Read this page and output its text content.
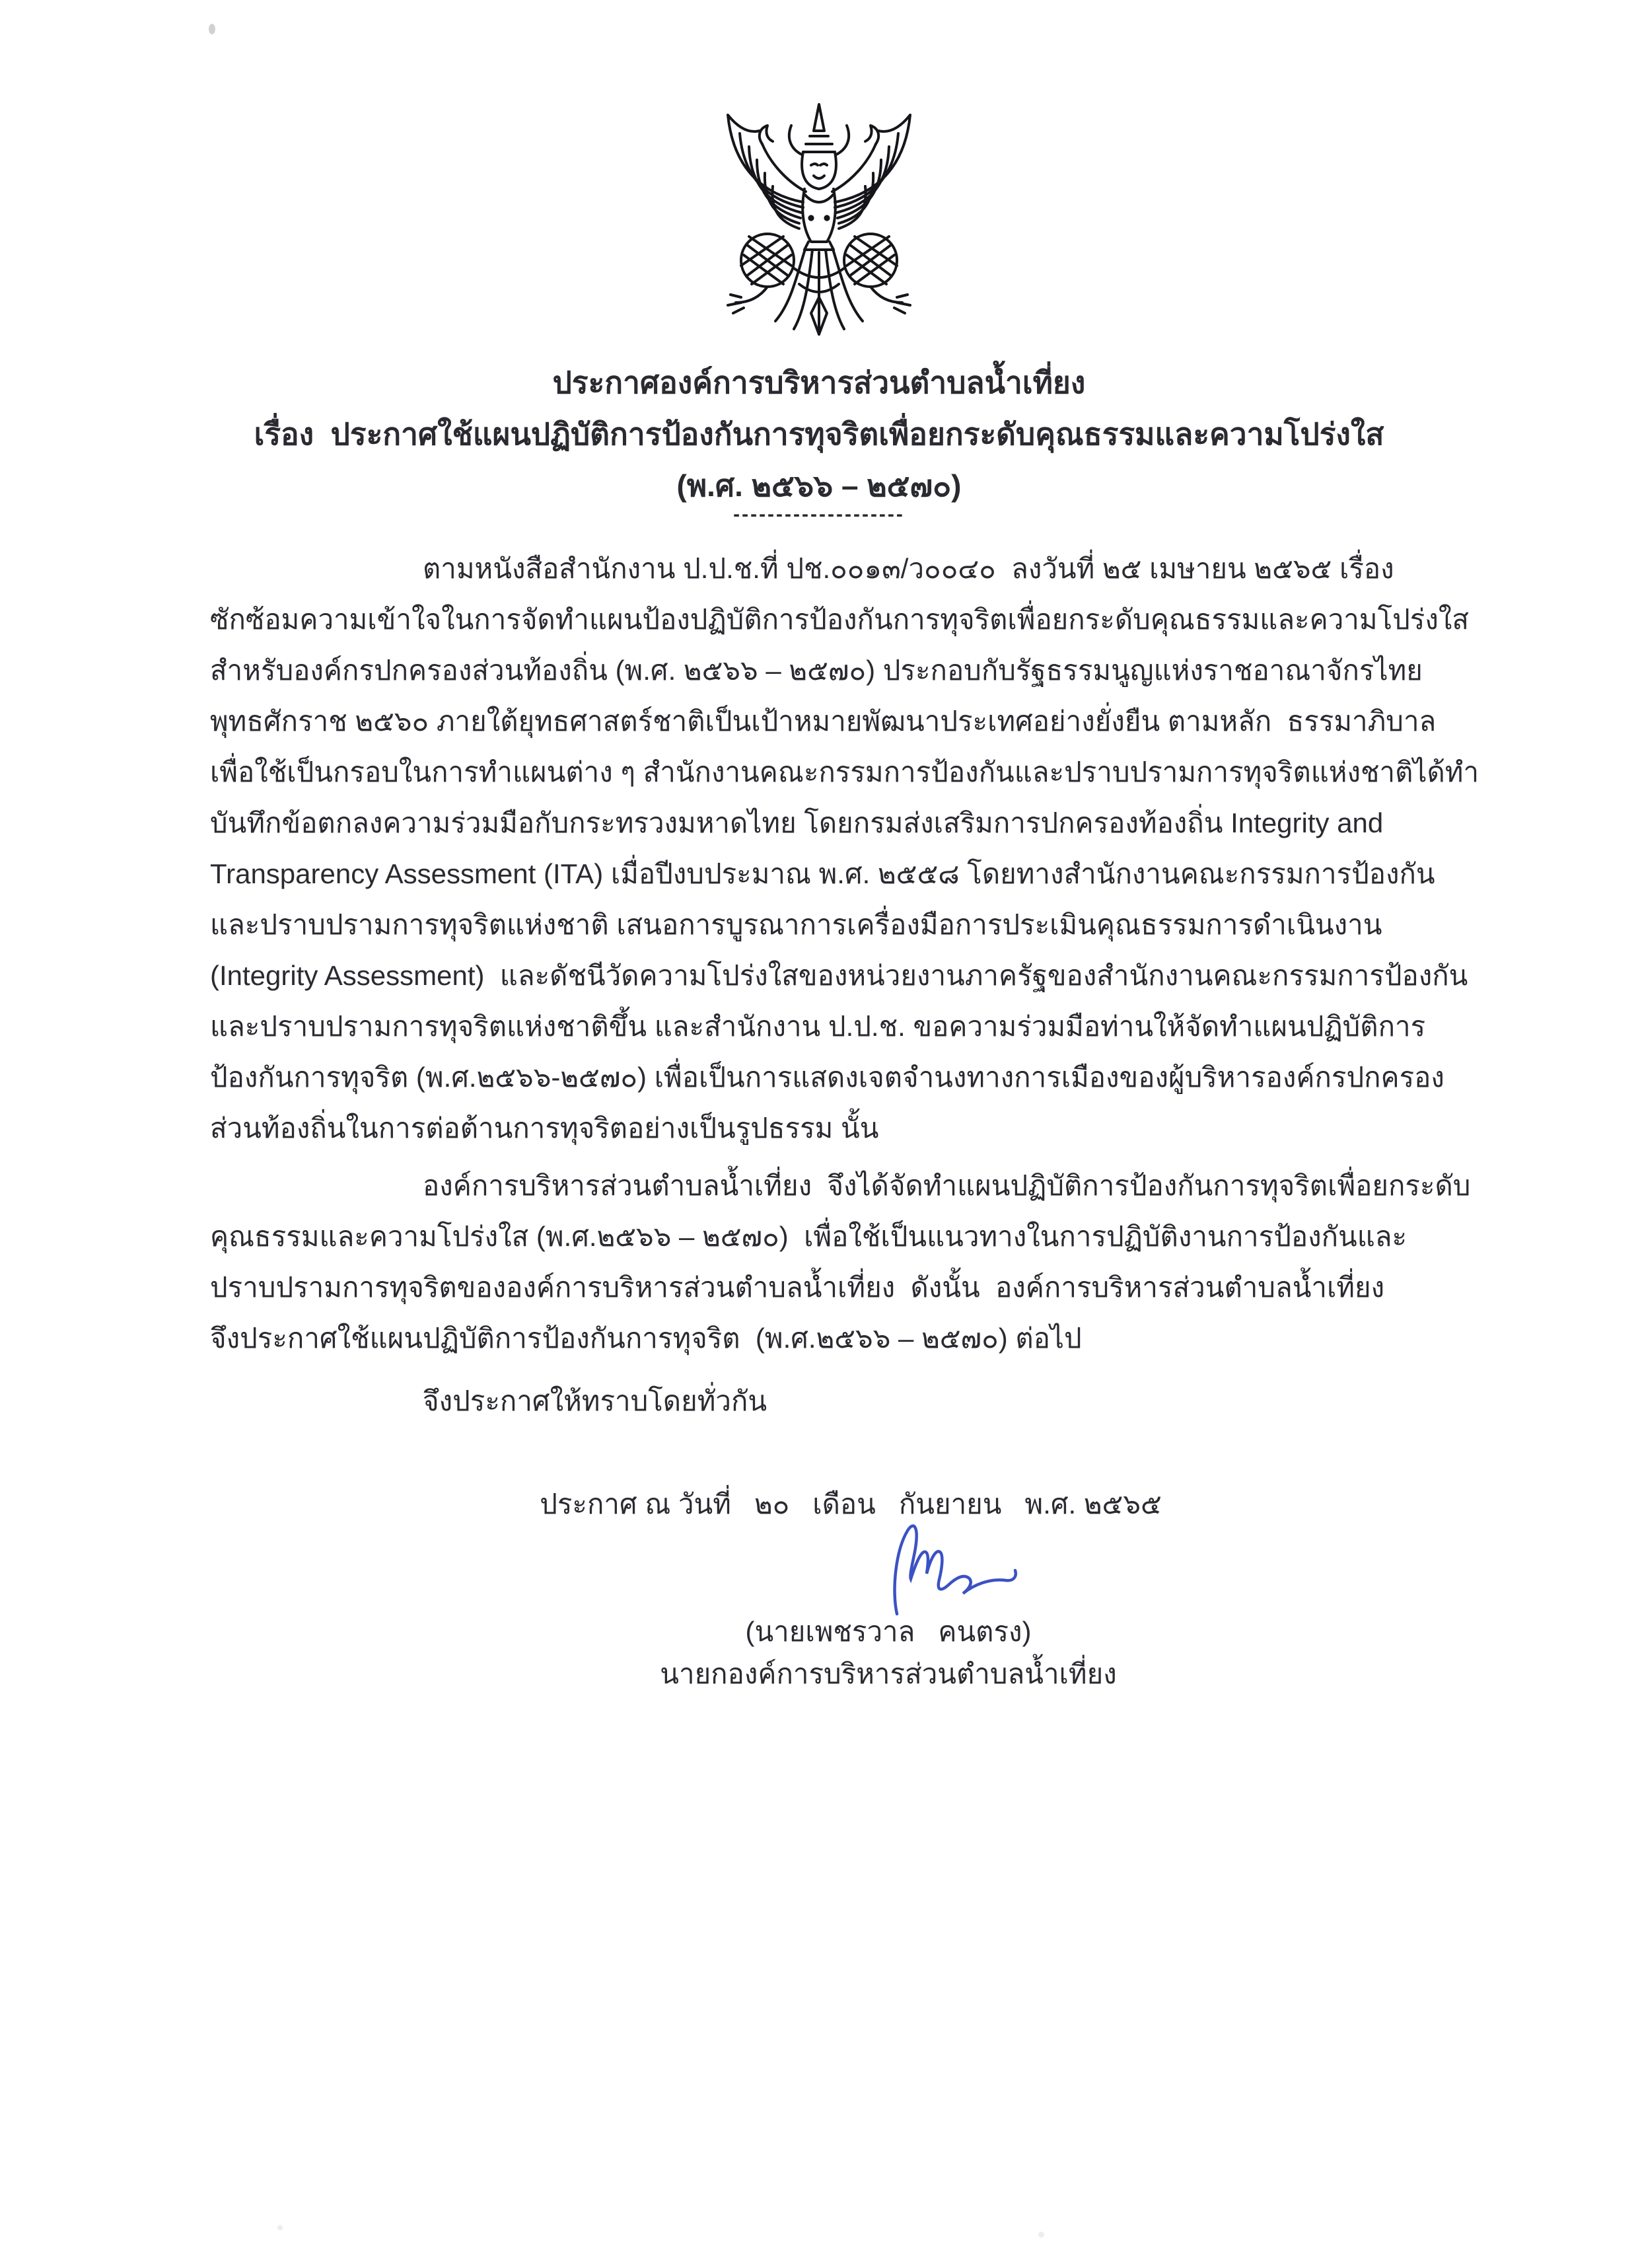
ประกาศองค์การบริหารส่วนตำบลน้ำเที่ยง
เรื่อง  ประกาศใช้แผนปฏิบัติการป้องกันการทุจริตเพื่อยกระดับคุณธรรมและความโปร่งใส
(พ.ศ. ๒๕๖๖ – ๒๕๗๐)
--------------------
ตามหนังสือสำนักงาน ป.ป.ช.ที่ ปช.๐๐๑๓/ว๐๐๔๐  ลงวันที่ ๒๕ เมษายน ๒๕๖๕ เรื่อง
ซักซ้อมความเข้าใจในการจัดทำแผนป้องปฏิบัติการป้องกันการทุจริตเพื่อยกระดับคุณธรรมและความโปร่งใส
สำหรับองค์กรปกครองส่วนท้องถิ่น (พ.ศ. ๒๕๖๖ – ๒๕๗๐) ประกอบกับรัฐธรรมนูญแห่งราชอาณาจักรไทย
พุทธศักราช ๒๕๖๐ ภายใต้ยุทธศาสตร์ชาติเป็นเป้าหมายพัฒนาประเทศอย่างยั่งยืน ตามหลัก  ธรรมาภิบาล
เพื่อใช้เป็นกรอบในการทำแผนต่าง ๆ สำนักงานคณะกรรมการป้องกันและปราบปรามการทุจริตแห่งชาติได้ทำ
บันทึกข้อตกลงความร่วมมือกับกระทรวงมหาดไทย โดยกรมส่งเสริมการปกครองท้องถิ่น Integrity and
Transparency Assessment (ITA) เมื่อปีงบประมาณ พ.ศ. ๒๕๕๘ โดยทางสำนักงานคณะกรรมการป้องกัน
และปราบปรามการทุจริตแห่งชาติ เสนอการบูรณาการเครื่องมือการประเมินคุณธรรมการดำเนินงาน
(Integrity Assessment)  และดัชนีวัดความโปร่งใสของหน่วยงานภาครัฐของสำนักงานคณะกรรมการป้องกัน
และปราบปรามการทุจริตแห่งชาติขึ้น และสำนักงาน ป.ป.ช. ขอความร่วมมือท่านให้จัดทำแผนปฏิบัติการ
ป้องกันการทุจริต (พ.ศ.๒๕๖๖-๒๕๗๐) เพื่อเป็นการแสดงเจตจำนงทางการเมืองของผู้บริหารองค์กรปกครอง
ส่วนท้องถิ่นในการต่อต้านการทุจริตอย่างเป็นรูปธรรม นั้น
องค์การบริหารส่วนตำบลน้ำเที่ยง  จึงได้จัดทำแผนปฏิบัติการป้องกันการทุจริตเพื่อยกระดับ
คุณธรรมและความโปร่งใส (พ.ศ.๒๕๖๖ – ๒๕๗๐)  เพื่อใช้เป็นแนวทางในการปฏิบัติงานการป้องกันและ
ปราบปรามการทุจริตขององค์การบริหารส่วนตำบลน้ำเที่ยง  ดังนั้น  องค์การบริหารส่วนตำบลน้ำเที่ยง
จึงประกาศใช้แผนปฏิบัติการป้องกันการทุจริต  (พ.ศ.๒๕๖๖ – ๒๕๗๐) ต่อไป
จึงประกาศให้ทราบโดยทั่วกัน
ประกาศ ณ วันที่   ๒๐   เดือน   กันยายน   พ.ศ. ๒๕๖๕
(นายเพชรวาล   คนตรง)
นายกองค์การบริหารส่วนตำบลน้ำเที่ยง
